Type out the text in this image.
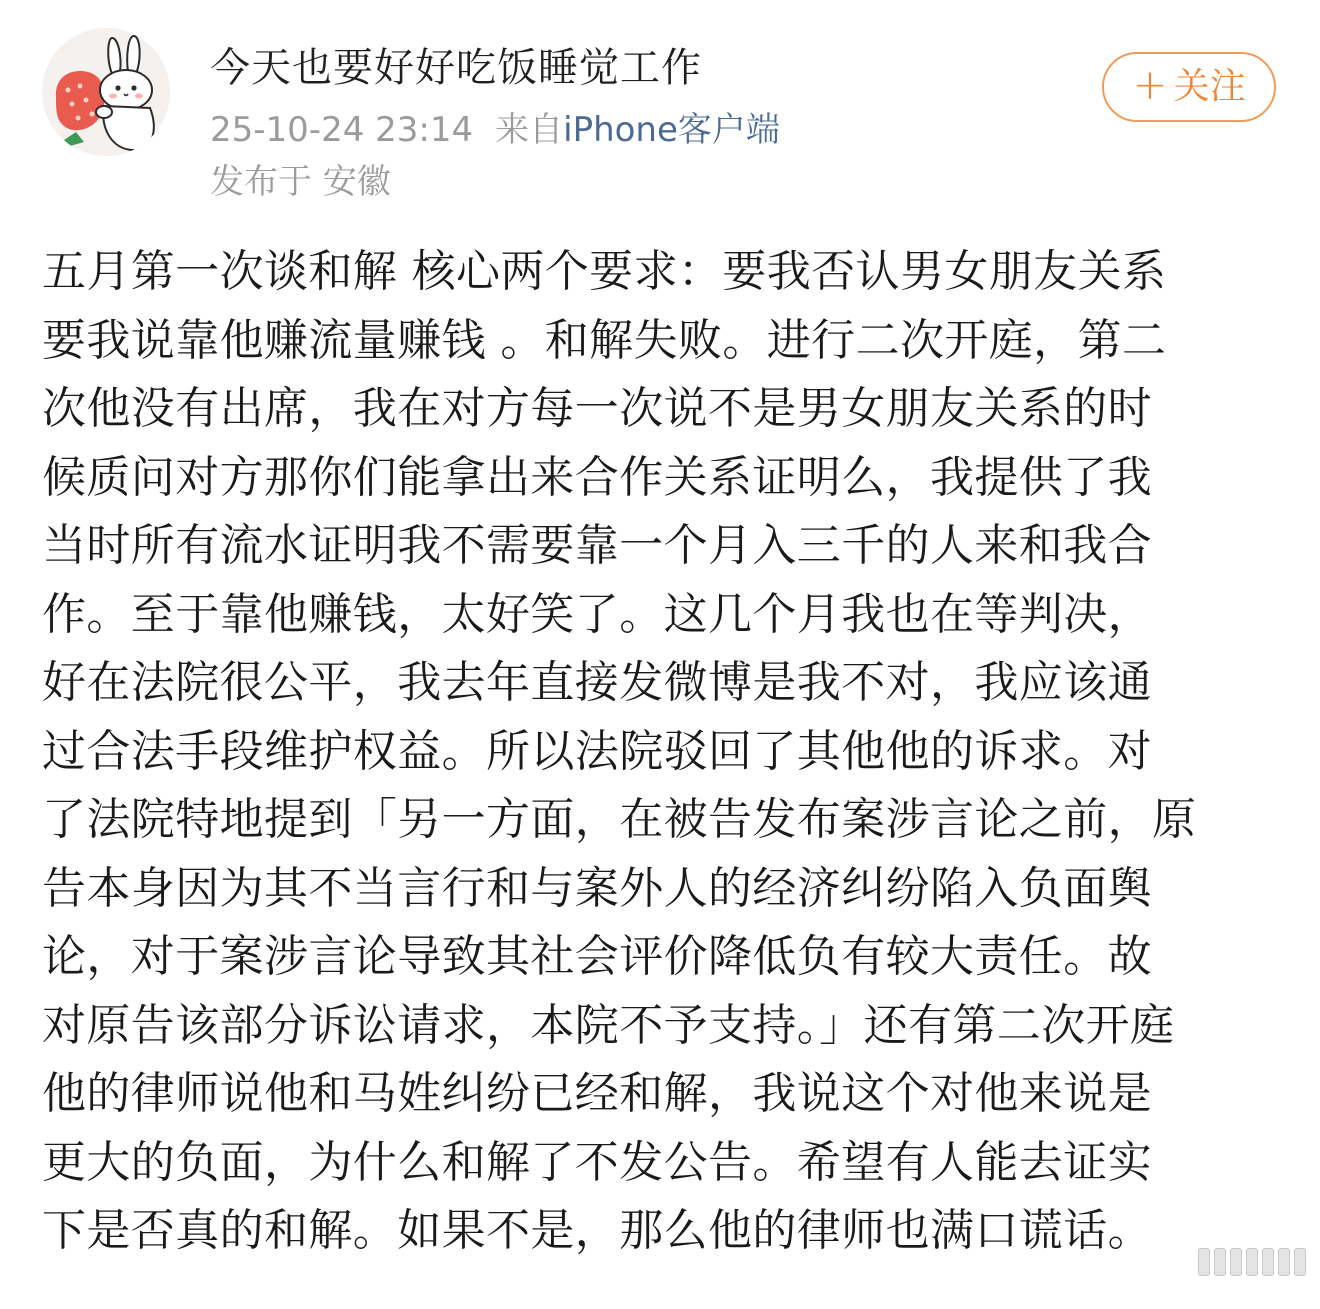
今天也要好好吃饭睡觉工作
25-10-24 23:14 来自iPhone客户端
发布于 安徽
+ 关注

五月第一次谈和解 核心两个要求：要我否认男女朋友关系

要我说靠他赚流量赚钱 。和解失败。进行二次开庭，第二

次他没有出席，我在对方每一次说不是男女朋友关系的时

候质问对方那你们能拿出来合作关系证明么，我提供了我

当时所有流水证明我不需要靠一个月入三千的人来和我合

作。至于靠他赚钱，太好笑了。这几个月我也在等判决，

好在法院很公平，我去年直接发微博是我不对，我应该通

过合法手段维护权益。所以法院驳回了其他他的诉求。对

了法院特地提到「另一方面，在被告发布案涉言论之前，原

告本身因为其不当言行和与案外人的经济纠纷陷入负面舆

论，对于案涉言论导致其社会评价降低负有较大责任。故

对原告该部分诉讼请求，本院不予支持。」还有第二次开庭

他的律师说他和马姓纠纷已经和解，我说这个对他来说是

更大的负面，为什么和解了不发公告。希望有人能去证实

下是否真的和解。如果不是，那么他的律师也满口谎话。
